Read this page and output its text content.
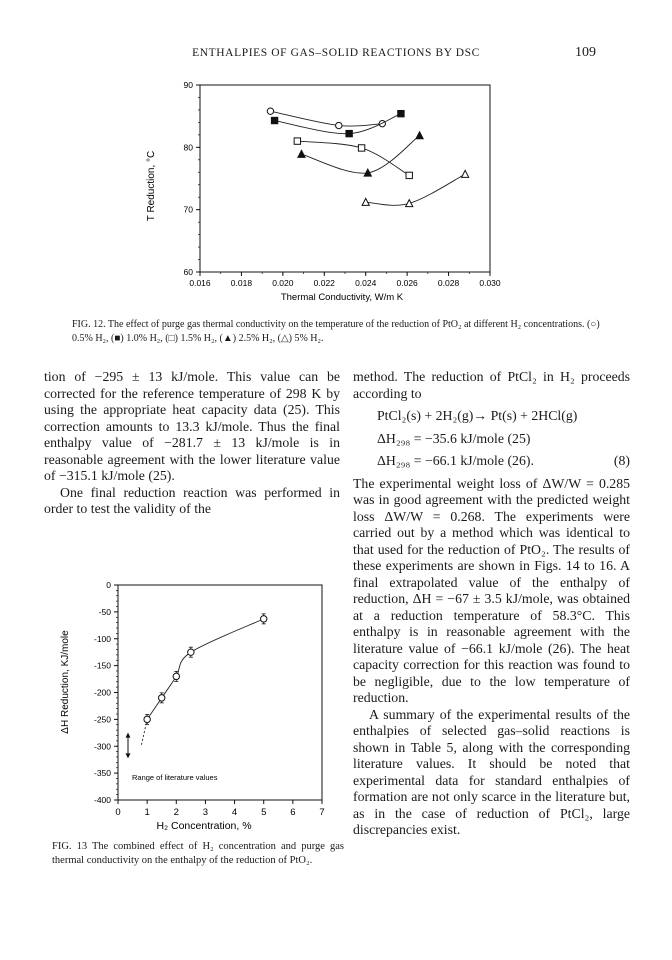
ENTHALPIES OF GAS–SOLID REACTIONS BY DSC	109
0.016 0.018 0.020 0.022 0.024 0.026 0.028 0.030
60
70
80
90
T Reduction, °C
Thermal Conductivity, W/m K
FIG. 12. The effect of purge gas thermal conductivity on the temperature of the reduction of PtO₂ at different H₂ concentrations. (○) 0.5% H₂, (■) 1.0% H₂, (□) 1.5% H₂, (▲) 2.5% H₂, (△) 5% H₂.
0	1	2	3	4	5	6	7
0
-50
-100
-150
-200
-250
-300
-350
-400
ΔH Reduction, KJ/mole
H₂ Concentration, %
Range of literature values
FIG. 13 The combined effect of H₂ concentration and purge gas thermal conductivity on the enthalpy of the reduction of PtO₂.

tion of −295 ± 13 kJ/mole. This value can be corrected for the reference temperature of 298 K by using the appropriate heat capacity data (25). This correction amounts to 13.3 kJ/mole. Thus the final enthalpy value of −281.7 ± 13 kJ/mole is in reasonable agreement with the lower literature value of −315.1 kJ/mole (25).

One final reduction reaction was performed in order to test the validity of the

method. The reduction of PtCl₂ in H₂ proceeds according to

PtCl₂(s) + 2H₂(g)→ Pt(s) + 2HCl(g)
ΔH₂₉₈ = −35.6 kJ/mole (25)
ΔH₂₉₈ = −66.1 kJ/mole (26).	(8)

The experimental weight loss of ΔW/W = 0.285 was in good agreement with the predicted weight loss ΔW/W = 0.268. The experiments were carried out by a method which was identical to that used for the reduction of PtO₂. The results of these experiments are shown in Figs. 14 to 16. A final extrapolated value of the enthalpy of reduction, ΔH = −67 ± 3.5 kJ/mole, was obtained at a reduction temperature of 58.3°C. This enthalpy is in reasonable agreement with the literature value of −66.1 kJ/mole (26). The heat capacity correction for this reaction was found to be negligible, due to the low temperature of reduction.

A summary of the experimental results of the enthalpies of selected gas–solid reactions is shown in Table 5, along with the corresponding literature values. It should be noted that experimental data for standard enthalpies of formation are not only scarce in the literature but, as in the case of reduction of PtCl₂, large discrepancies exist.
